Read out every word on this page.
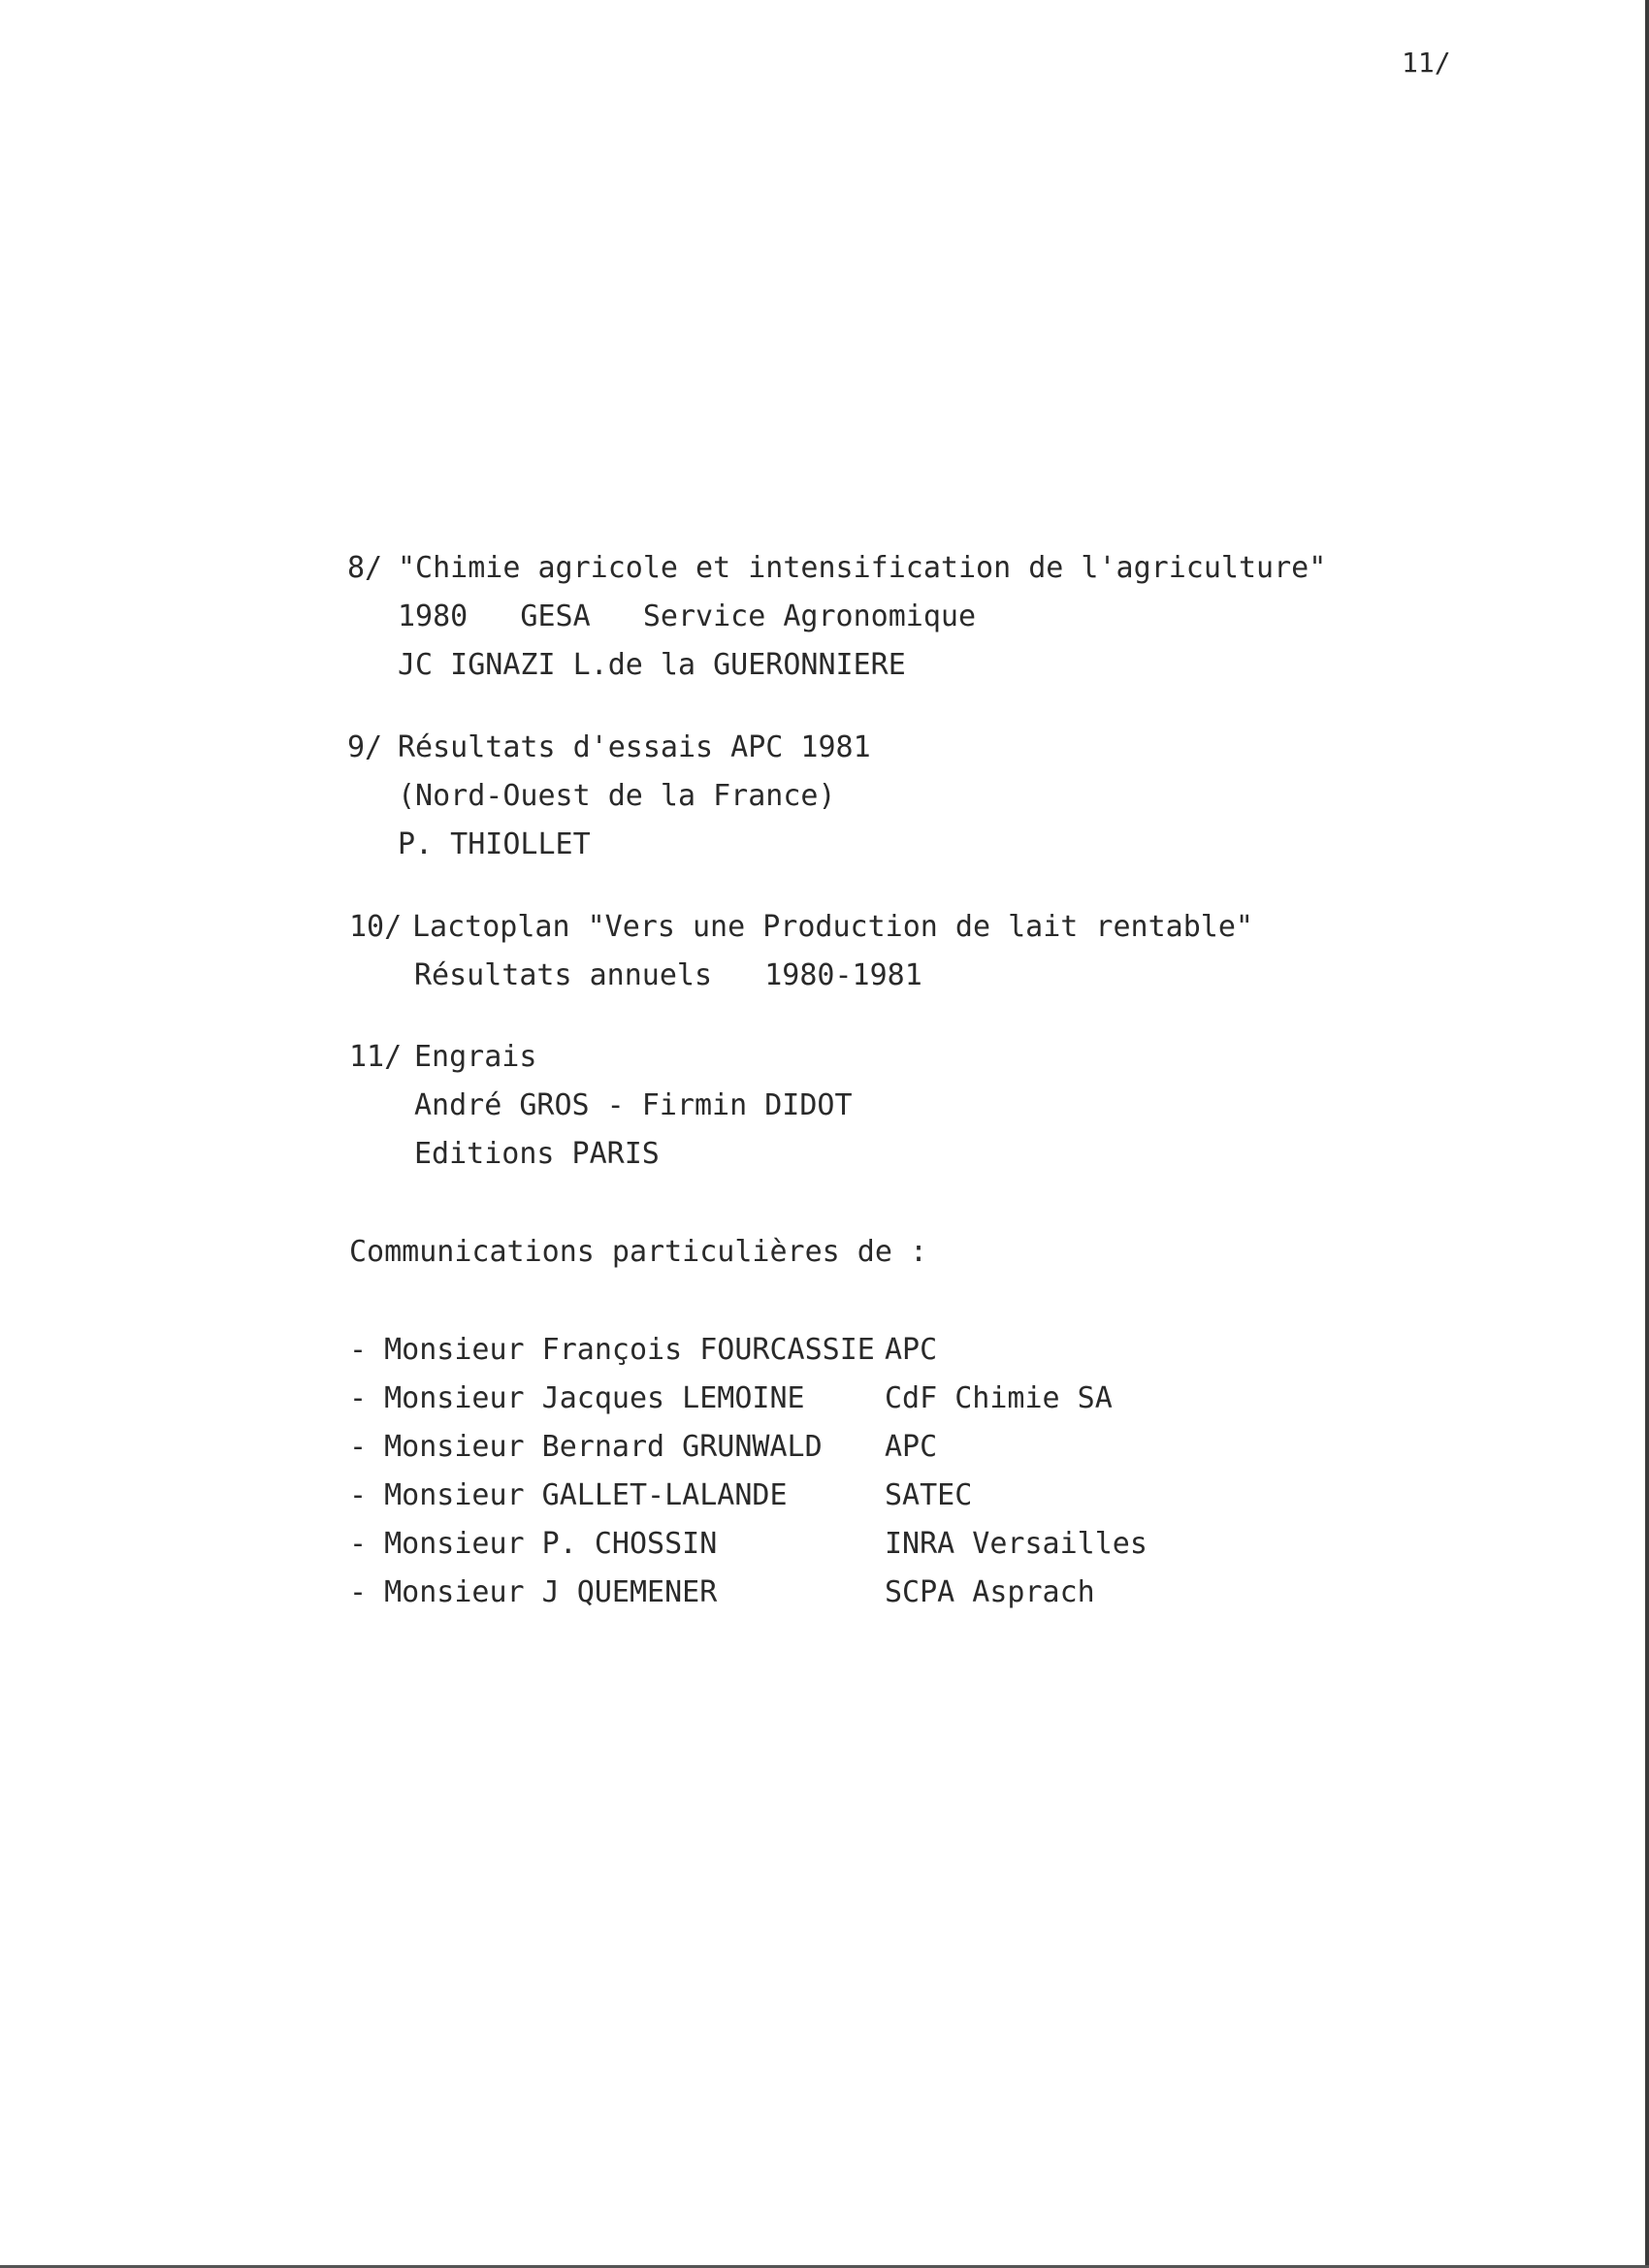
11/
8/ "Chimie agricole et intensification de l'agriculture"
1980   GESA   Service Agronomique
JC IGNAZI L.de la GUERONNIERE
9/ Résultats d'essais APC 1981
(Nord-Ouest de la France)
P. THIOLLET
10/ Lactoplan "Vers une Production de lait rentable"
Résultats annuels   1980-1981
11/ Engrais
André GROS - Firmin DIDOT
Editions PARIS
Communications particulières de :
- Monsieur François FOURCASSIE APC
- Monsieur Jacques LEMOINE	CdF Chimie SA
- Monsieur Bernard GRUNWALD APC
- Monsieur GALLET-LALANDE	SATEC
- Monsieur P. CHOSSIN	INRA Versailles
- Monsieur J QUEMENER	SCPA Asprach
